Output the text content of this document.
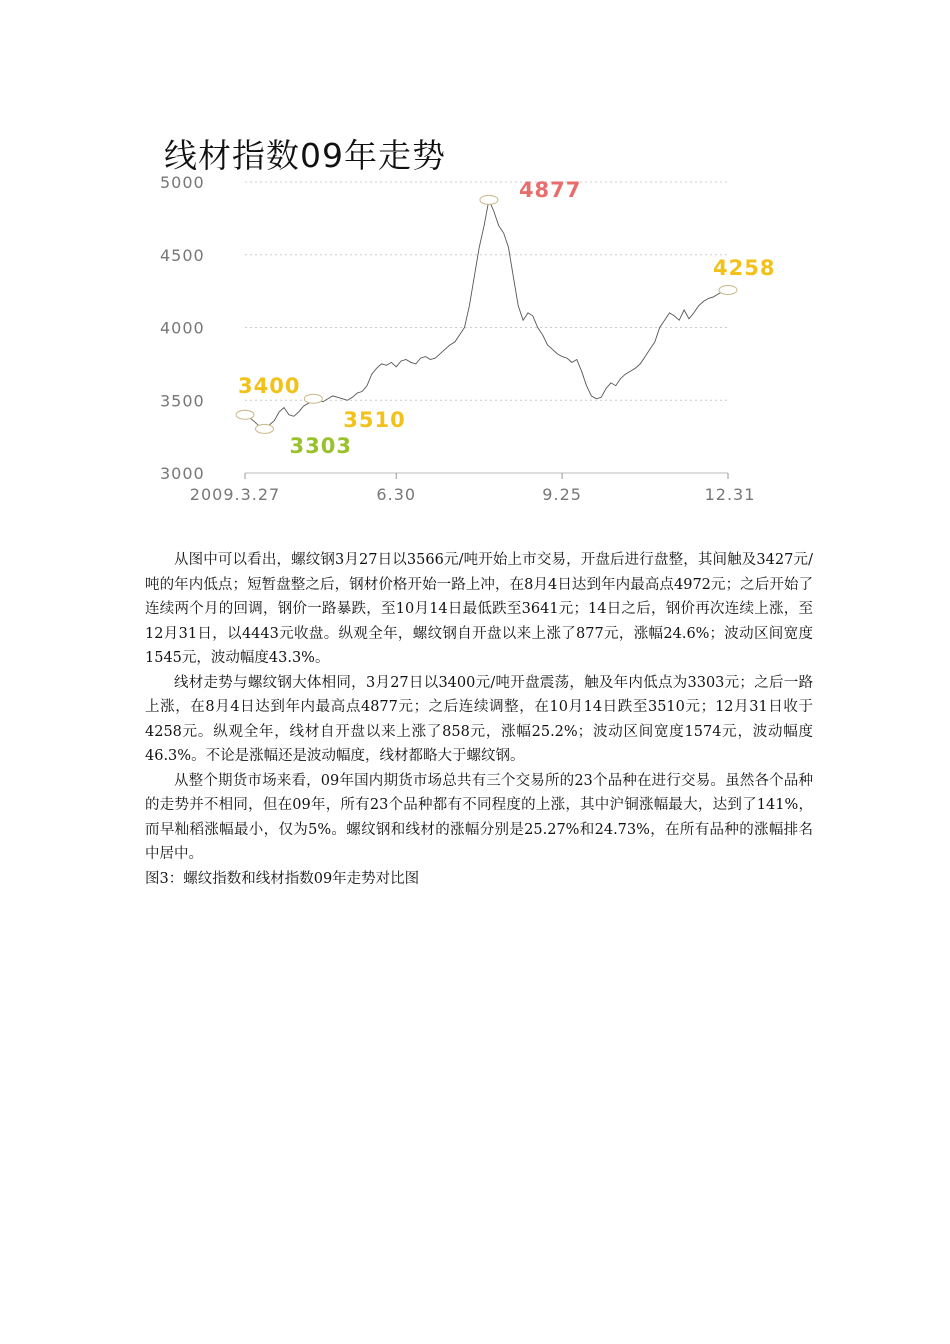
3000
3500
4000
4500
5000
2009.3.27	6.30	9.25	12.31
4877
4258
3400
3303
3510
线材指数09年走势

从图中可以看出，螺纹钢3月27日以3566元/吨开始上市交易，开盘后进行盘整，其间触及3427元/吨的年内低点；短暂盘整之后，钢材价格开始一路上冲，在8月4日达到年内最高点4972元；之后开始了连续两个月的回调，钢价一路暴跌，至10月14日最低跌至3641元；14日之后，钢价再次连续上涨，至12月31日，以4443元收盘。纵观全年，螺纹钢自开盘以来上涨了877元，涨幅24.6%；波动区间宽度1545元，波动幅度43.3%。

线材走势与螺纹钢大体相同，3月27日以3400元/吨开盘震荡，触及年内低点为3303元；之后一路上涨，在8月4日达到年内最高点4877元；之后连续调整，在10月14日跌至3510元；12月31日收于4258元。纵观全年，线材自开盘以来上涨了858元，涨幅25.2%；波动区间宽度1574元，波动幅度46.3%。不论是涨幅还是波动幅度，线材都略大于螺纹钢。

从整个期货市场来看，09年国内期货市场总共有三个交易所的23个品种在进行交易。虽然各个品种的走势并不相同，但在09年，所有23个品种都有不同程度的上涨，其中沪铜涨幅最大，达到了141%，而早籼稻涨幅最小，仅为5%。螺纹钢和线材的涨幅分别是25.27%和24.73%，在所有品种的涨幅排名中居中。

图3：螺纹指数和线材指数09年走势对比图
